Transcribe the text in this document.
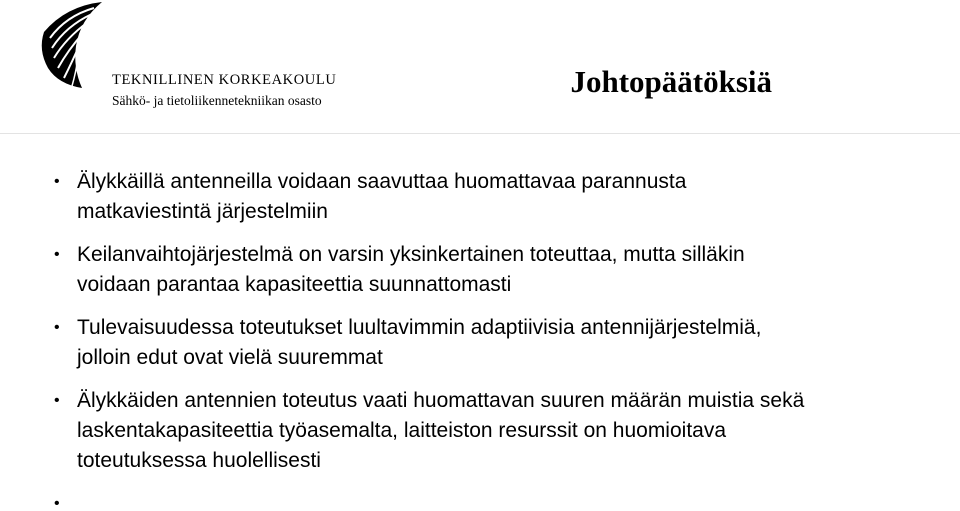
TEKNILLINEN KORKEAKOULU
Sähkö- ja tietoliikennetekniikan osasto
Johtopäätöksiä
• Älykkäillä antenneilla voidaan saavuttaa huomattavaa parannusta
matkaviestintä järjestelmiin
• Keilanvaihtojärjestelmä on varsin yksinkertainen toteuttaa, mutta silläkin
voidaan parantaa kapasiteettia suunnattomasti
• Tulevaisuudessa toteutukset luultavimmin adaptiivisia antennijärjestelmiä,
jolloin edut ovat vielä suuremmat
• Älykkäiden antennien toteutus vaati huomattavan suuren määrän muistia sekä
laskentakapasiteettia työasemalta, laitteiston resurssit on huomioitava
toteutuksessa huolellisesti
•
